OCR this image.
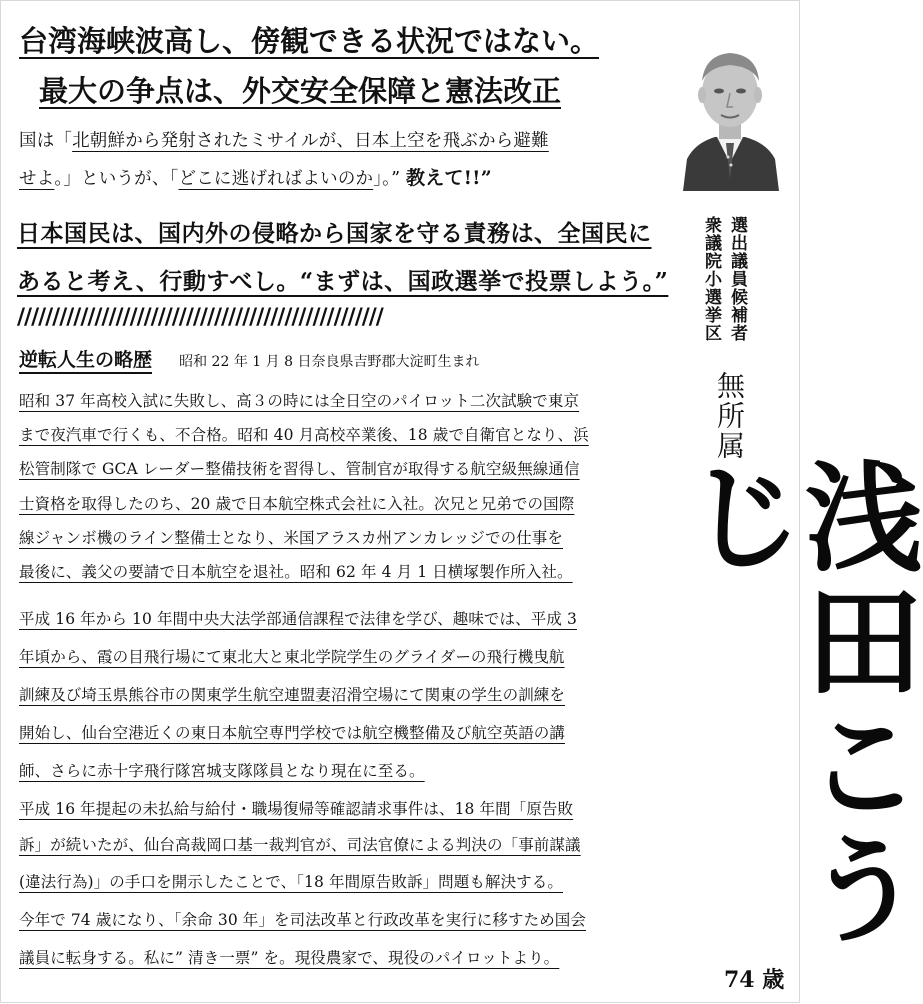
台湾海峡波高し、傍観できる状況ではない。
最大の争点は、外交安全保障と憲法改正
国は「北朝鮮から発射されたミサイルが、日本上空を飛ぶから避難
せよ。」というが、「どこに逃げればよいのか」。” 教えて!!”
日本国民は、国内外の侵略から国家を守る責務は、全国民に
あると考え、行動すべし。“まずは、国政選挙で投票しよう。”
////////////////////////////////////////////////////
逆転人生の略歴 昭和 22 年 1 月 8 日奈良県吉野郡大淀町生まれ
昭和 37 年高校入試に失敗し、高３の時には全日空のパイロット二次試験で東京
まで夜汽車で行くも、不合格。昭和 40 月高校卒業後、18 歳で自衛官となり、浜
松管制隊で GCA レーダー整備技術を習得し、管制官が取得する航空級無線通信
士資格を取得したのち、20 歳で日本航空株式会社に入社。次兄と兄弟での国際
線ジャンボ機のライン整備士となり、米国アラスカ州アンカレッジでの仕事を
最後に、義父の要請で日本航空を退社。昭和 62 年 4 月 1 日横塚製作所入社。
平成 16 年から 10 年間中央大法学部通信課程で法律を学び、趣味では、平成 3
年頃から、霞の目飛行場にて東北大と東北学院学生のグライダーの飛行機曳航
訓練及び埼玉県熊谷市の関東学生航空連盟妻沼滑空場にて関東の学生の訓練を
開始し、仙台空港近くの東日本航空専門学校では航空機整備及び航空英語の講
師、さらに赤十字飛行隊宮城支隊隊員となり現在に至る。
平成 16 年提起の未払給与給付・職場復帰等確認請求事件は、18 年間「原告敗
訴」が続いたが、仙台高裁岡口基一裁判官が、司法官僚による判決の「事前謀議
(違法行為)」の手口を開示したことで、「18 年間原告敗訴」問題も解決する。
今年で 74 歳になり、「余命 30 年」を司法改革と行政改革を実行に移すため国会
議員に転身する。私に” 清き一票” を。現役農家で、現役のパイロットより。
衆議院小選挙区 選出議員候補者
無所属
浅田こうじ
74 歳
